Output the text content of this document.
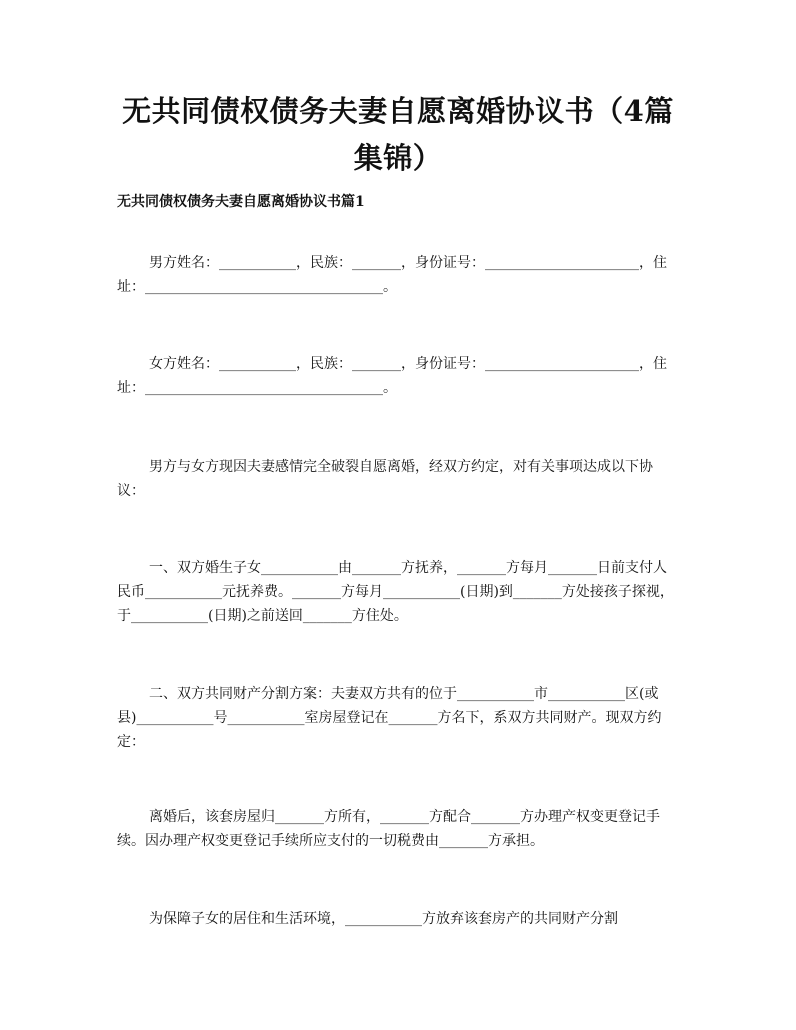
无共同债权债务夫妻自愿离婚协议书（4篇集锦）
无共同债权债务夫妻自愿离婚协议书篇1

男方姓名：___________，民族：_______，身份证号：______________________，住址：__________________________________。

女方姓名：___________，民族：_______，身份证号：______________________，住址：__________________________________。

男方与女方现因夫妻感情完全破裂自愿离婚，经双方约定，对有关事项达成以下协议：

一、双方婚生子女___________由_______方抚养，_______方每月_______日前支付人民币___________元抚养费。_______方每月___________(日期)到_______方处接孩子探视，于___________(日期)之前送回_______方住处。

二、双方共同财产分割方案：夫妻双方共有的位于___________市___________区(或县)___________号___________室房屋登记在_______方名下，系双方共同财产。现双方约定：

离婚后，该套房屋归_______方所有，_______方配合_______方办理产权变更登记手续。因办理产权变更登记手续所应支付的一切税费由_______方承担。

为保障子女的居住和生活环境，___________方放弃该套房产的共同财产分割
